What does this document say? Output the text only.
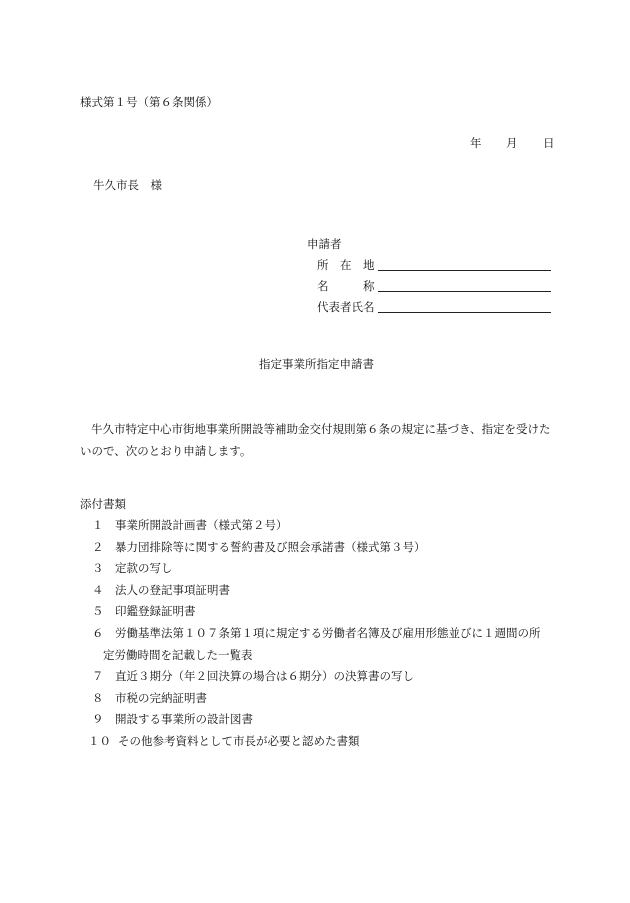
様式第１号（第６条関係）
年 月 日
牛久市長　様
申請者
所　在　地
名　　　称
代表者氏名
指定事業所指定申請書
牛久市特定中心市街地事業所開設等補助金交付規則第６条の規定に基づき、指定を受けたいので、次のとおり申請します。
添付書類
１ 事業所開設計画書（様式第２号）
２ 暴力団排除等に関する誓約書及び照会承諾書（様式第３号）
３ 定款の写し
４ 法人の登記事項証明書
５ 印鑑登録証明書
６ 労働基準法第１０７条第１項に規定する労働者名簿及び雇用形態並びに１週間の所
定労働時間を記載した一覧表
７ 直近３期分（年２回決算の場合は６期分）の決算書の写し
８ 市税の完納証明書
９ 開設する事業所の設計図書
１０ その他参考資料として市長が必要と認めた書類
